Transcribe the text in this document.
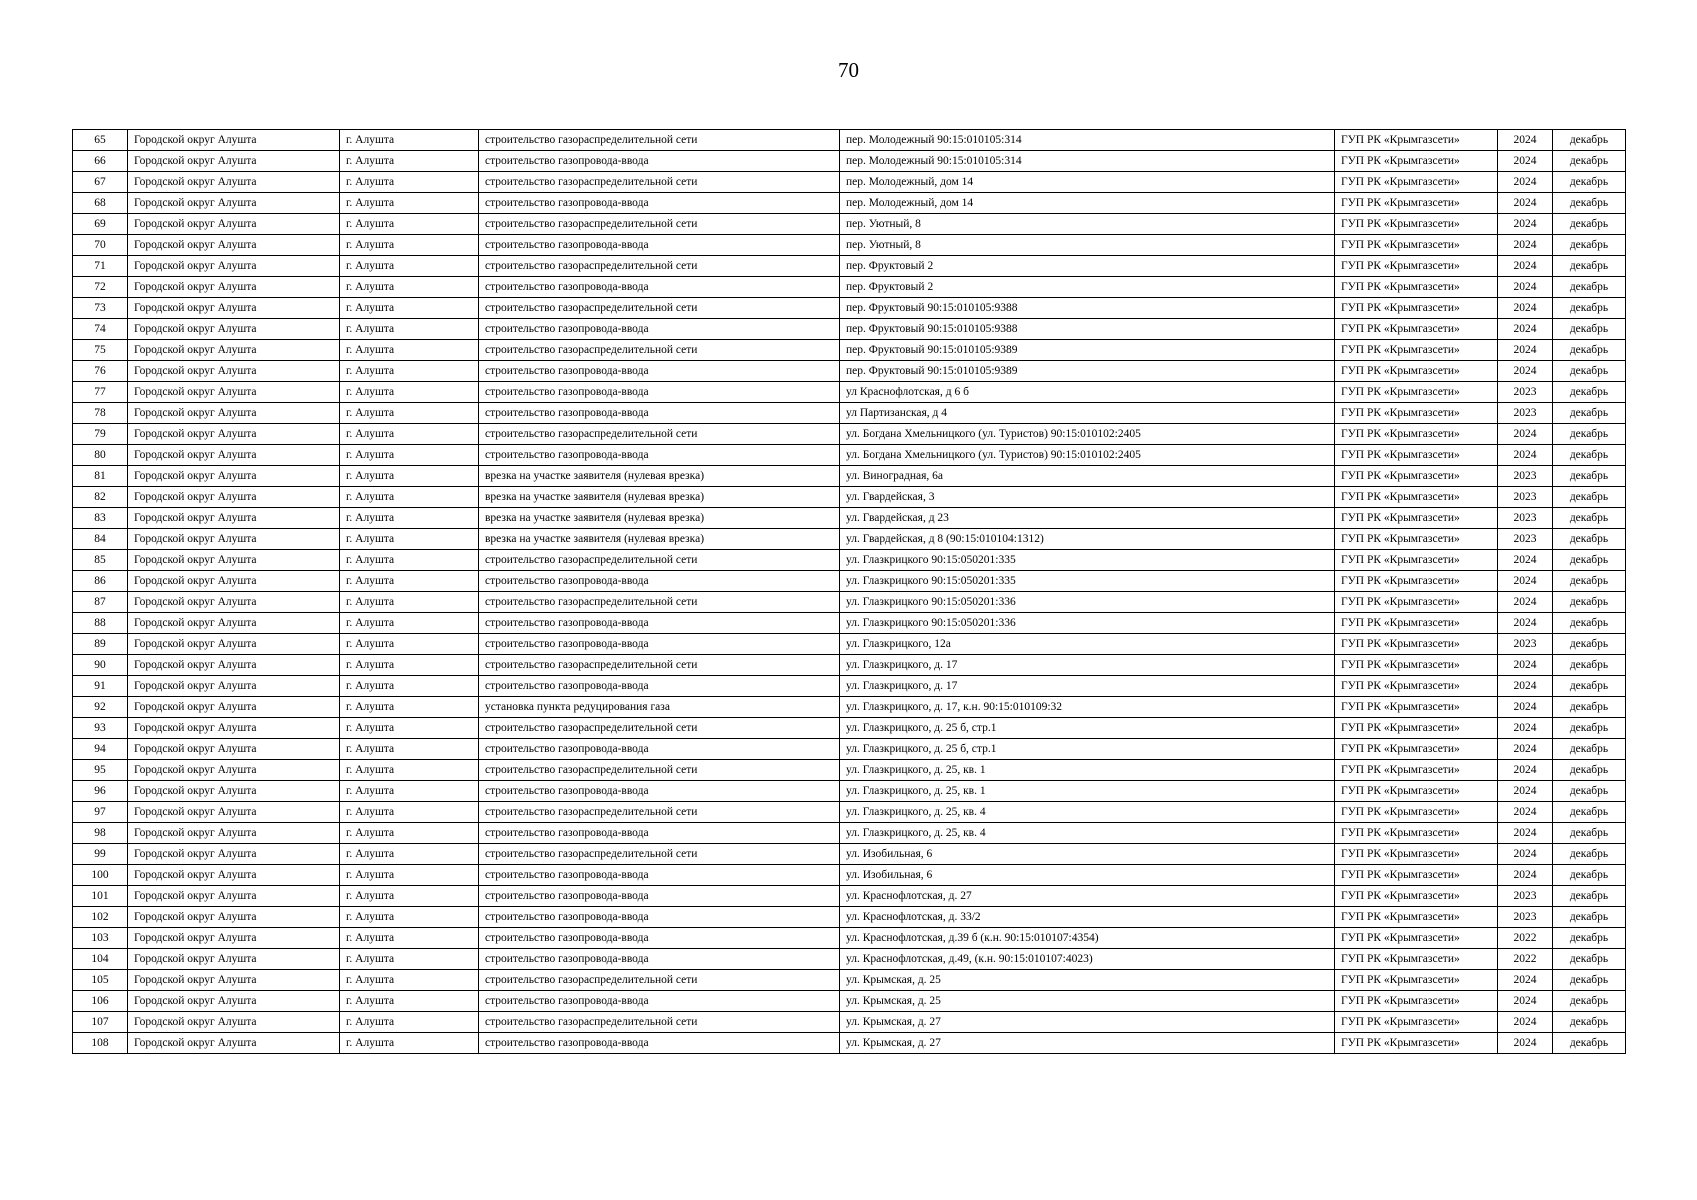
70
65	Городской округ Алушта	г. Алушта	строительство газораспределительной сети	пер. Молодежный 90:15:010105:314	ГУП РК «Крымгазсети»	2024	декабрь
66	Городской округ Алушта	г. Алушта	строительство газопровода-ввода	пер. Молодежный 90:15:010105:314	ГУП РК «Крымгазсети»	2024	декабрь
67	Городской округ Алушта	г. Алушта	строительство газораспределительной сети	пер. Молодежный, дом 14	ГУП РК «Крымгазсети»	2024	декабрь
68	Городской округ Алушта	г. Алушта	строительство газопровода-ввода	пер. Молодежный, дом 14	ГУП РК «Крымгазсети»	2024	декабрь
69	Городской округ Алушта	г. Алушта	строительство газораспределительной сети	пер. Уютный, 8	ГУП РК «Крымгазсети»	2024	декабрь
70	Городской округ Алушта	г. Алушта	строительство газопровода-ввода	пер. Уютный, 8	ГУП РК «Крымгазсети»	2024	декабрь
71	Городской округ Алушта	г. Алушта	строительство газораспределительной сети	пер. Фруктовый 2	ГУП РК «Крымгазсети»	2024	декабрь
72	Городской округ Алушта	г. Алушта	строительство газопровода-ввода	пер. Фруктовый 2	ГУП РК «Крымгазсети»	2024	декабрь
73	Городской округ Алушта	г. Алушта	строительство газораспределительной сети	пер. Фруктовый 90:15:010105:9388	ГУП РК «Крымгазсети»	2024	декабрь
74	Городской округ Алушта	г. Алушта	строительство газопровода-ввода	пер. Фруктовый 90:15:010105:9388	ГУП РК «Крымгазсети»	2024	декабрь
75	Городской округ Алушта	г. Алушта	строительство газораспределительной сети	пер. Фруктовый 90:15:010105:9389	ГУП РК «Крымгазсети»	2024	декабрь
76	Городской округ Алушта	г. Алушта	строительство газопровода-ввода	пер. Фруктовый 90:15:010105:9389	ГУП РК «Крымгазсети»	2024	декабрь
77	Городской округ Алушта	г. Алушта	строительство газопровода-ввода	ул Краснофлотская, д 6 б	ГУП РК «Крымгазсети»	2023	декабрь
78	Городской округ Алушта	г. Алушта	строительство газопровода-ввода	ул Партизанская, д 4	ГУП РК «Крымгазсети»	2023	декабрь
79	Городской округ Алушта	г. Алушта	строительство газораспределительной сети	ул. Богдана Хмельницкого (ул. Туристов) 90:15:010102:2405	ГУП РК «Крымгазсети»	2024	декабрь
80	Городской округ Алушта	г. Алушта	строительство газопровода-ввода	ул. Богдана Хмельницкого (ул. Туристов) 90:15:010102:2405	ГУП РК «Крымгазсети»	2024	декабрь
81	Городской округ Алушта	г. Алушта	врезка на участке заявителя (нулевая врезка)	ул. Виноградная, 6а	ГУП РК «Крымгазсети»	2023	декабрь
82	Городской округ Алушта	г. Алушта	врезка на участке заявителя (нулевая врезка)	ул. Гвардейская, 3	ГУП РК «Крымгазсети»	2023	декабрь
83	Городской округ Алушта	г. Алушта	врезка на участке заявителя (нулевая врезка)	ул. Гвардейская, д 23	ГУП РК «Крымгазсети»	2023	декабрь
84	Городской округ Алушта	г. Алушта	врезка на участке заявителя (нулевая врезка)	ул. Гвардейская, д 8 (90:15:010104:1312)	ГУП РК «Крымгазсети»	2023	декабрь
85	Городской округ Алушта	г. Алушта	строительство газораспределительной сети	ул. Глазкрицкого 90:15:050201:335	ГУП РК «Крымгазсети»	2024	декабрь
86	Городской округ Алушта	г. Алушта	строительство газопровода-ввода	ул. Глазкрицкого 90:15:050201:335	ГУП РК «Крымгазсети»	2024	декабрь
87	Городской округ Алушта	г. Алушта	строительство газораспределительной сети	ул. Глазкрицкого 90:15:050201:336	ГУП РК «Крымгазсети»	2024	декабрь
88	Городской округ Алушта	г. Алушта	строительство газопровода-ввода	ул. Глазкрицкого 90:15:050201:336	ГУП РК «Крымгазсети»	2024	декабрь
89	Городской округ Алушта	г. Алушта	строительство газопровода-ввода	ул. Глазкрицкого, 12а	ГУП РК «Крымгазсети»	2023	декабрь
90	Городской округ Алушта	г. Алушта	строительство газораспределительной сети	ул. Глазкрицкого, д. 17	ГУП РК «Крымгазсети»	2024	декабрь
91	Городской округ Алушта	г. Алушта	строительство газопровода-ввода	ул. Глазкрицкого, д. 17	ГУП РК «Крымгазсети»	2024	декабрь
92	Городской округ Алушта	г. Алушта	установка пункта редуцирования газа	ул. Глазкрицкого, д. 17, к.н. 90:15:010109:32	ГУП РК «Крымгазсети»	2024	декабрь
93	Городской округ Алушта	г. Алушта	строительство газораспределительной сети	ул. Глазкрицкого, д. 25 б, стр.1	ГУП РК «Крымгазсети»	2024	декабрь
94	Городской округ Алушта	г. Алушта	строительство газопровода-ввода	ул. Глазкрицкого, д. 25 б, стр.1	ГУП РК «Крымгазсети»	2024	декабрь
95	Городской округ Алушта	г. Алушта	строительство газораспределительной сети	ул. Глазкрицкого, д. 25, кв. 1	ГУП РК «Крымгазсети»	2024	декабрь
96	Городской округ Алушта	г. Алушта	строительство газопровода-ввода	ул. Глазкрицкого, д. 25, кв. 1	ГУП РК «Крымгазсети»	2024	декабрь
97	Городской округ Алушта	г. Алушта	строительство газораспределительной сети	ул. Глазкрицкого, д. 25, кв. 4	ГУП РК «Крымгазсети»	2024	декабрь
98	Городской округ Алушта	г. Алушта	строительство газопровода-ввода	ул. Глазкрицкого, д. 25, кв. 4	ГУП РК «Крымгазсети»	2024	декабрь
99	Городской округ Алушта	г. Алушта	строительство газораспределительной сети	ул. Изобильная, 6	ГУП РК «Крымгазсети»	2024	декабрь
100	Городской округ Алушта	г. Алушта	строительство газопровода-ввода	ул. Изобильная, 6	ГУП РК «Крымгазсети»	2024	декабрь
101	Городской округ Алушта	г. Алушта	строительство газопровода-ввода	ул. Краснофлотская, д. 27	ГУП РК «Крымгазсети»	2023	декабрь
102	Городской округ Алушта	г. Алушта	строительство газопровода-ввода	ул. Краснофлотская, д. 33/2	ГУП РК «Крымгазсети»	2023	декабрь
103	Городской округ Алушта	г. Алушта	строительство газопровода-ввода	ул. Краснофлотская, д.39 б (к.н. 90:15:010107:4354)	ГУП РК «Крымгазсети»	2022	декабрь
104	Городской округ Алушта	г. Алушта	строительство газопровода-ввода	ул. Краснофлотская, д.49, (к.н. 90:15:010107:4023)	ГУП РК «Крымгазсети»	2022	декабрь
105	Городской округ Алушта	г. Алушта	строительство газораспределительной сети	ул. Крымская, д. 25	ГУП РК «Крымгазсети»	2024	декабрь
106	Городской округ Алушта	г. Алушта	строительство газопровода-ввода	ул. Крымская, д. 25	ГУП РК «Крымгазсети»	2024	декабрь
107	Городской округ Алушта	г. Алушта	строительство газораспределительной сети	ул. Крымская, д. 27	ГУП РК «Крымгазсети»	2024	декабрь
108	Городской округ Алушта	г. Алушта	строительство газопровода-ввода	ул. Крымская, д. 27	ГУП РК «Крымгазсети»	2024	декабрь
